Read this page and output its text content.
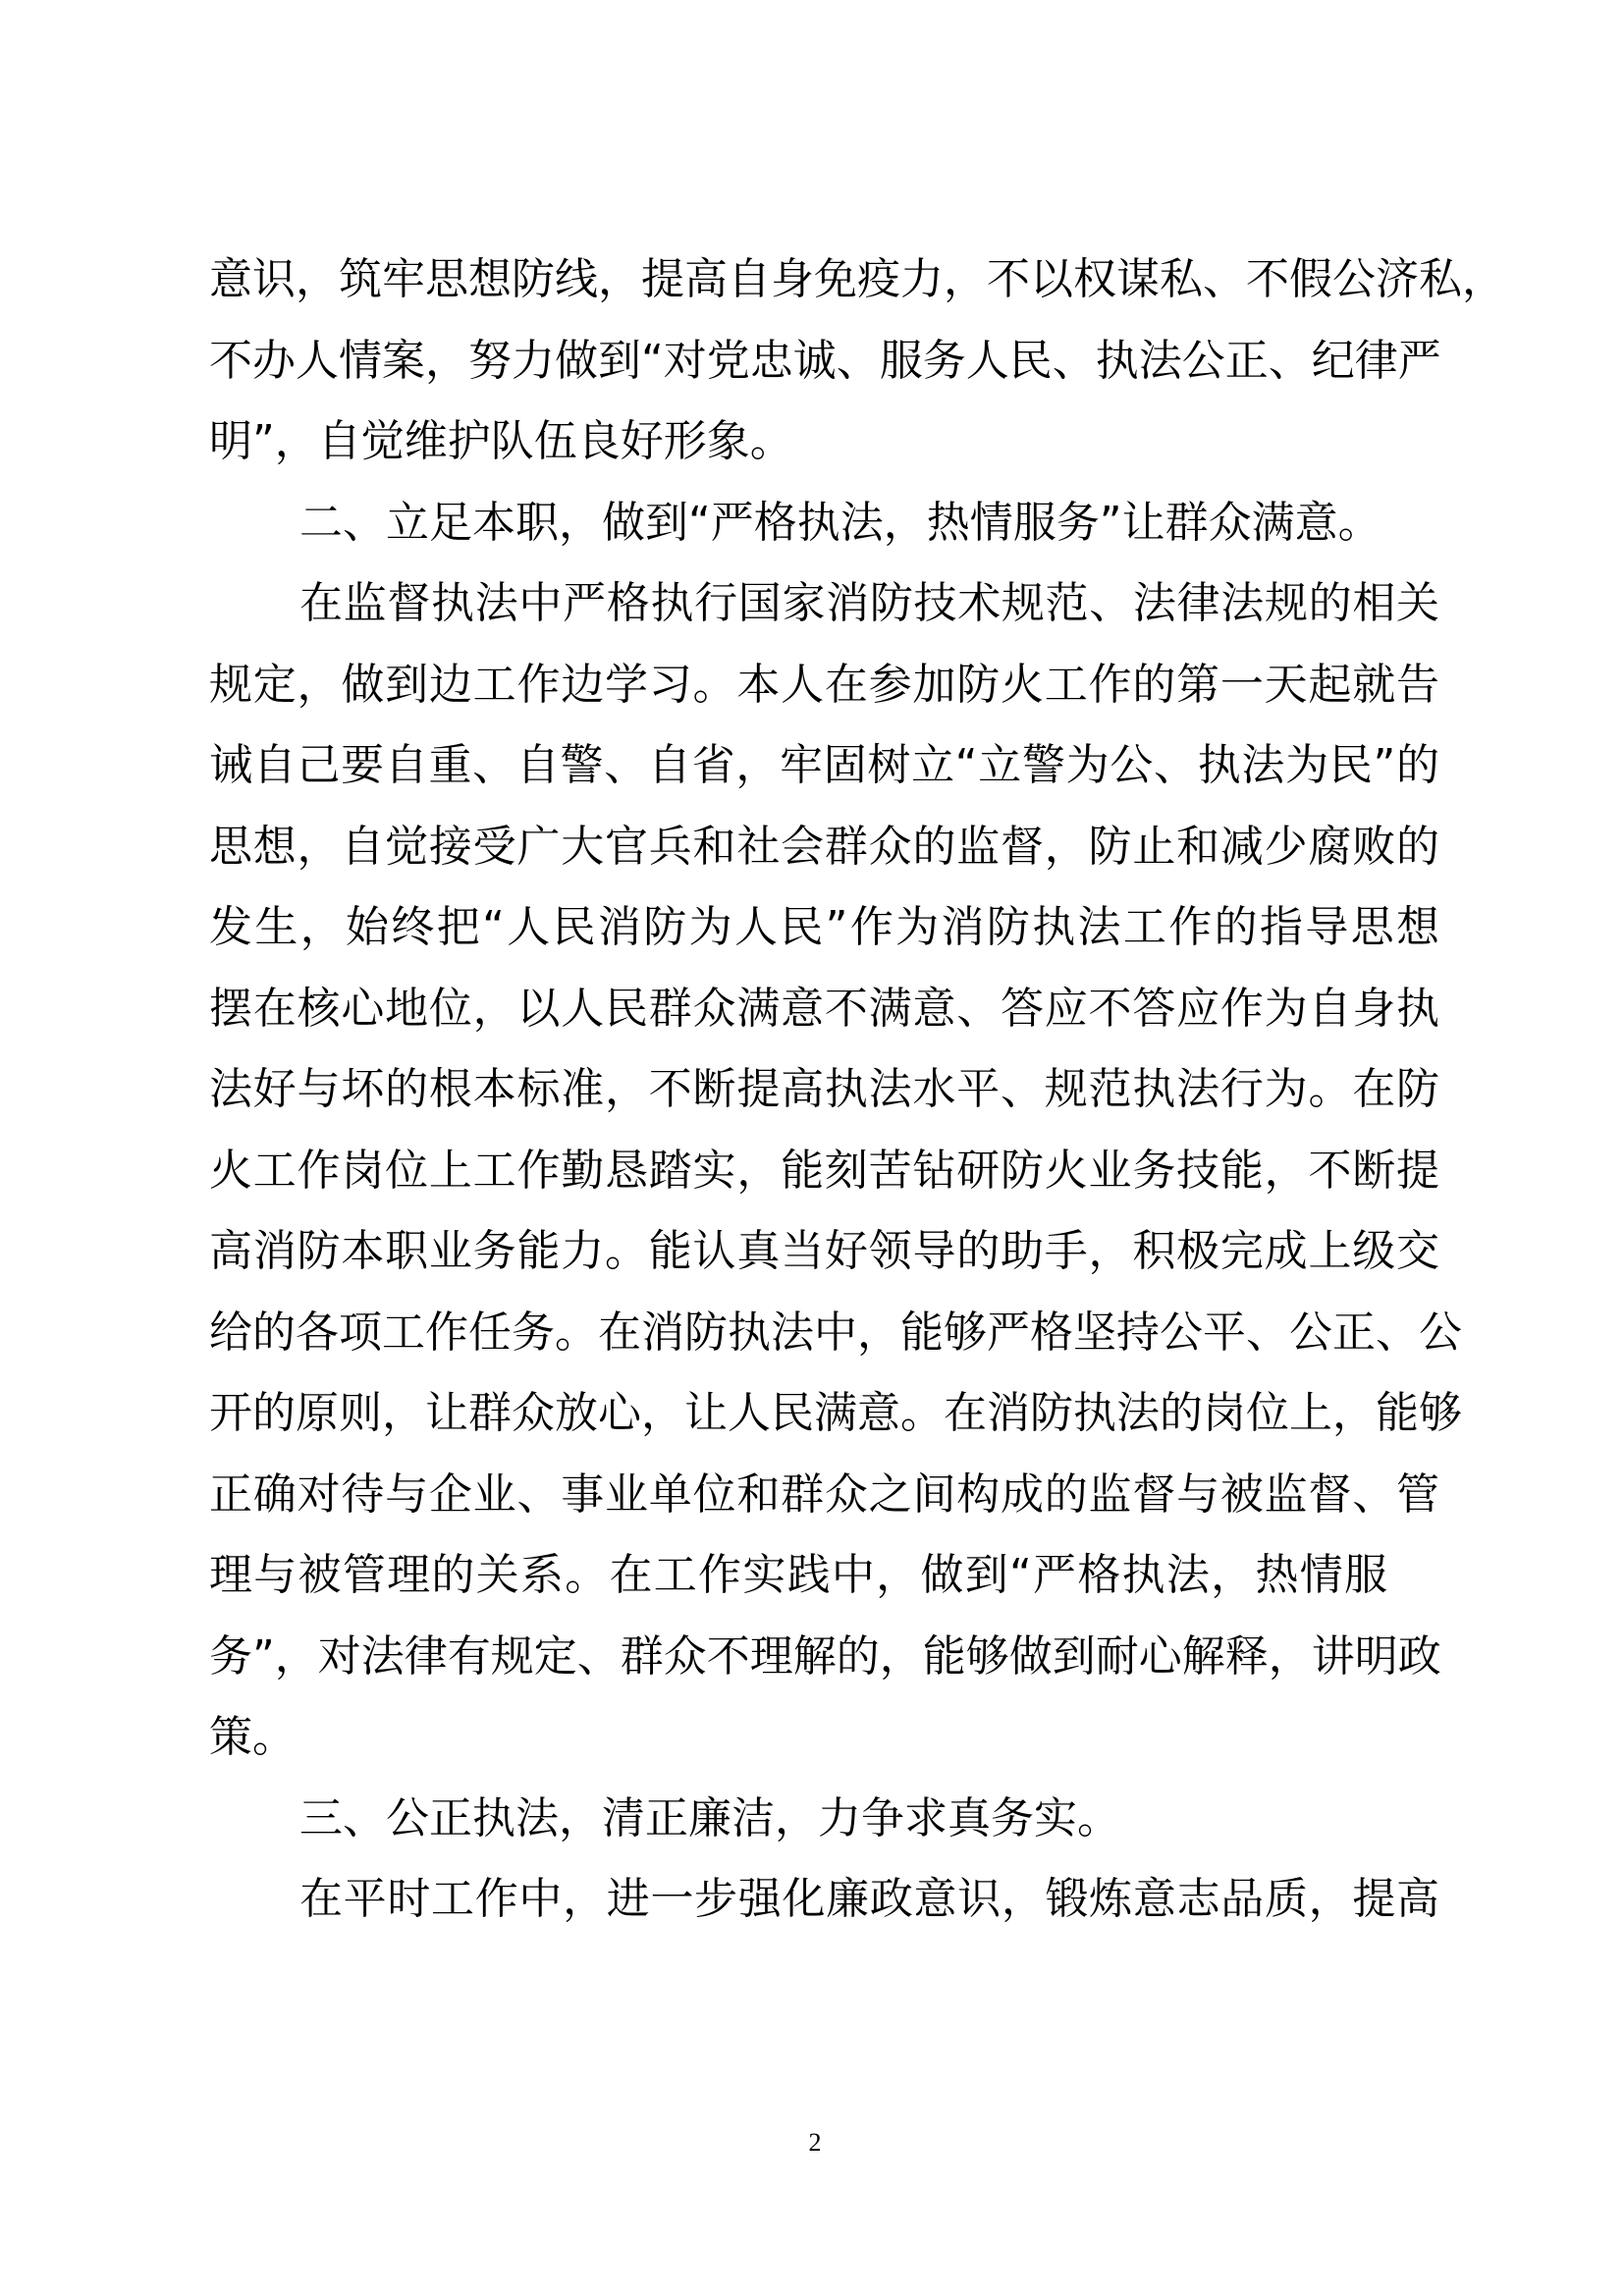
意识，筑牢思想防线，提高自身免疫力，不以权谋私、不假公济私，
不办人情案，努力做到“对党忠诚、服务人民、执法公正、纪律严
明”，自觉维护队伍良好形象。
二、立足本职，做到“严格执法，热情服务”让群众满意。
在监督执法中严格执行国家消防技术规范、法律法规的相关
规定，做到边工作边学习。本人在参加防火工作的第一天起就告
诫自己要自重、自警、自省，牢固树立“立警为公、执法为民”的
思想，自觉接受广大官兵和社会群众的监督，防止和减少腐败的
发生，始终把“人民消防为人民”作为消防执法工作的指导思想
摆在核心地位，以人民群众满意不满意、答应不答应作为自身执
法好与坏的根本标准，不断提高执法水平、规范执法行为。在防
火工作岗位上工作勤恳踏实，能刻苦钻研防火业务技能，不断提
高消防本职业务能力。能认真当好领导的助手，积极完成上级交
给的各项工作任务。在消防执法中，能够严格坚持公平、公正、公
开的原则，让群众放心，让人民满意。在消防执法的岗位上，能够
正确对待与企业、事业单位和群众之间构成的监督与被监督、管
理与被管理的关系。在工作实践中，做到“严格执法，热情服
务”，对法律有规定、群众不理解的，能够做到耐心解释，讲明政
策。
三、公正执法，清正廉洁，力争求真务实。
在平时工作中，进一步强化廉政意识，锻炼意志品质，提高
2
